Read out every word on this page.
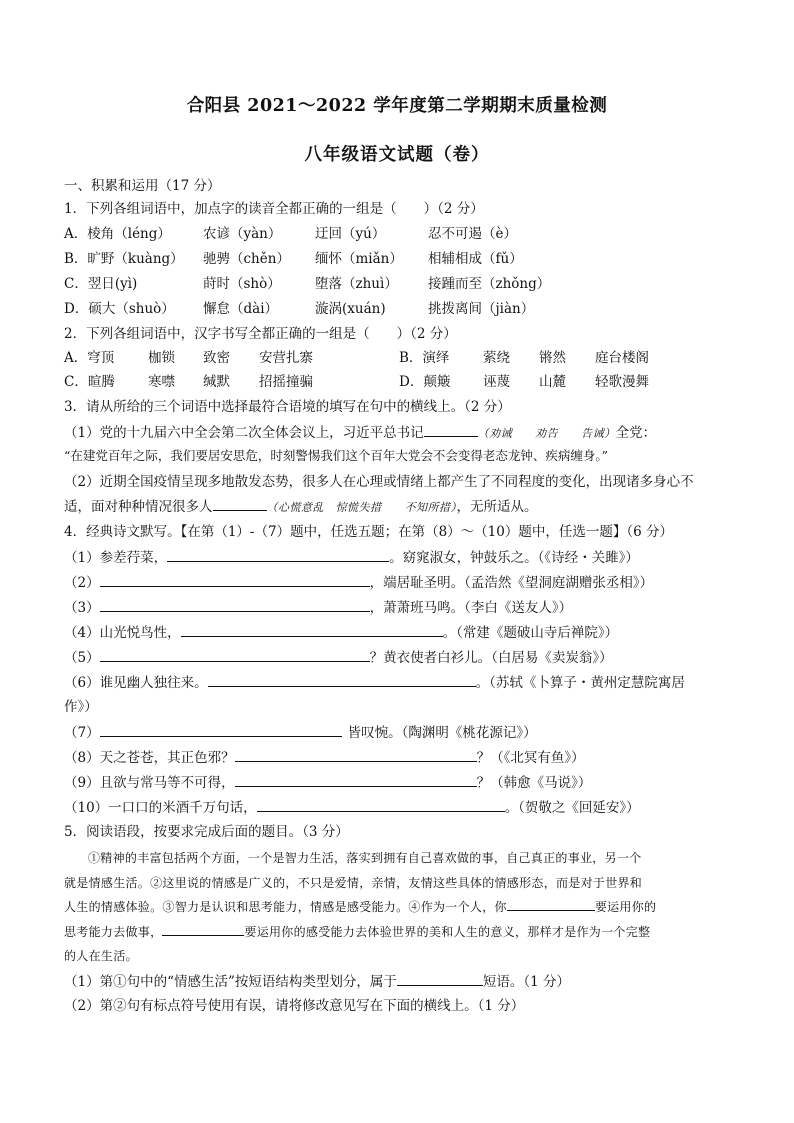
合阳县 2021～2022 学年度第二学期期末质量检测
八年级语文试题（卷）
一、积累和运用（17 分）
1．下列各组词语中，加点字的读音全都正确的一组是（　　）（2 分）
A．棱角（léng） 农谚（yàn） 迂回（yú）	忍不可遏（è）
B．旷野（kuàng） 驰骋（chěn） 缅怀（miǎn） 相辅相成（fǔ）
C．翌日(yì)	莳时（shò）	堕落（zhuì） 接踵而至（zhǒng）
D．硕大（shuò） 懈怠（dài）	漩涡(xuán)	挑拨离间（jiàn）
2．下列各组词语中，汉字书写全都正确的一组是（　　）（2 分）
A．穹顶	枷锁 致密 安营扎寨	B．演绎 萦绕 锵然 庭台楼阁
C．暄腾 寒噤 缄默 招摇撞骗	D．颠簸 诬蔑 山麓 轻歌漫舞
3．请从所给的三个词语中选择最符合语境的填写在句中的横线上。（2 分）
（1）党的十九届六中全会第二次全体会议上，习近平总书记	（劝诫　　劝告　　告诫）全党：
“在建党百年之际，我们要居安思危，时刻警惕我们这个百年大党会不会变得老态龙钟、疾病缠身。”
（2）近期全国疫情呈现多地散发态势，很多人在心理或情绪上都产生了不同程度的变化，出现诸多身心不
适，面对种种情况很多人	（心慌意乱　惊慌失措　　不知所措），无所适从。
4．经典诗文默写。【在第（1）-（7）题中，任选五题；在第（8）～（10）题中，任选一题】（6 分）
（1）参差荇菜，	。窈窕淑女，钟鼓乐之。（《诗经・关雎》）
（2）	，端居耻圣明。（孟浩然《望洞庭湖赠张丞相》）
（3）	，萧萧班马鸣。（李白《送友人》）
（4）山光悦鸟性，	。（常建《题破山寺后禅院》）
（5）	？黄衣使者白衫儿。（白居易《卖炭翁》）
（6）谁见幽人独往来。	。（苏轼《卜算子・黄州定慧院寓居
作》）
（7）	皆叹惋。（陶渊明《桃花源记》）
（8）天之苍苍，其正色邪？	？（《北冥有鱼》）
（9）且欲与常马等不可得，	？（韩愈《马说》）
（10）一口口的米酒千万句话，	。（贺敬之《回延安》）
5．阅读语段，按要求完成后面的题目。（3 分）
①精神的丰富包括两个方面，一个是智力生活，落实到拥有自己喜欢做的事，自己真正的事业，另一个
就是情感生活。②这里说的情感是广义的，不只是爱情，亲情，友情这些具体的情感形态，而是对于世界和
人生的情感体验。③智力是认识和思考能力，情感是感受能力。④作为一个人，你	要运用你的
思考能力去做事，	要运用你的感受能力去体验世界的美和人生的意义，那样才是作为一个完整
的人在生活。
（1）第①句中的“情感生活”按短语结构类型划分，属于	短语。（1 分）
（2）第②句有标点符号使用有误，请将修改意见写在下面的横线上。（1 分）
